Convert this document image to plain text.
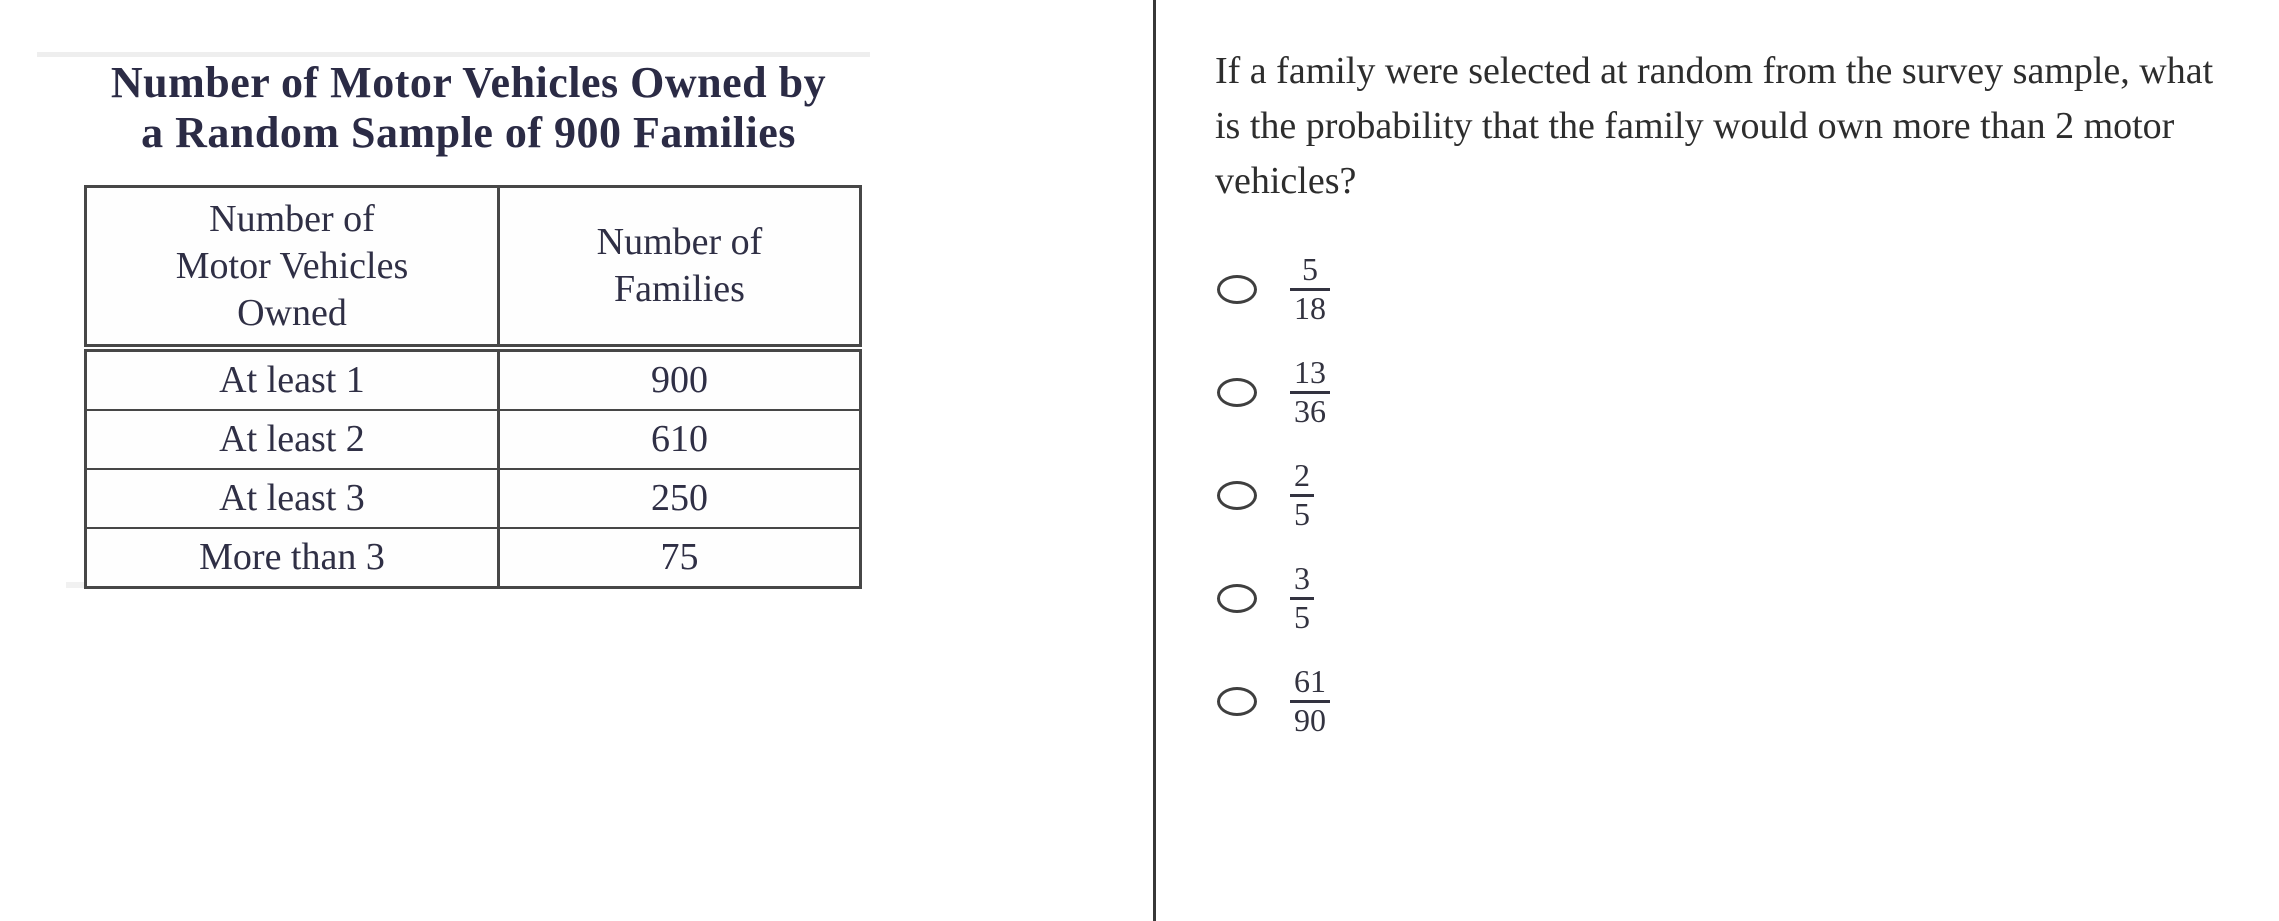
Number of Motor Vehicles Owned by
a Random Sample of 900 Families
Number of
Motor Vehicles
Owned

Number of
Families

At least 1	900
At least 2	610
At least 3	250
More than 3	75

If a family were selected at random from the survey sample, what is the probability that the family would own more than 2 motor vehicles?

$\frac{5}{18}$
$\frac{13}{36}$
$\frac{2}{5}$
$\frac{3}{5}$
$\frac{61}{90}$
